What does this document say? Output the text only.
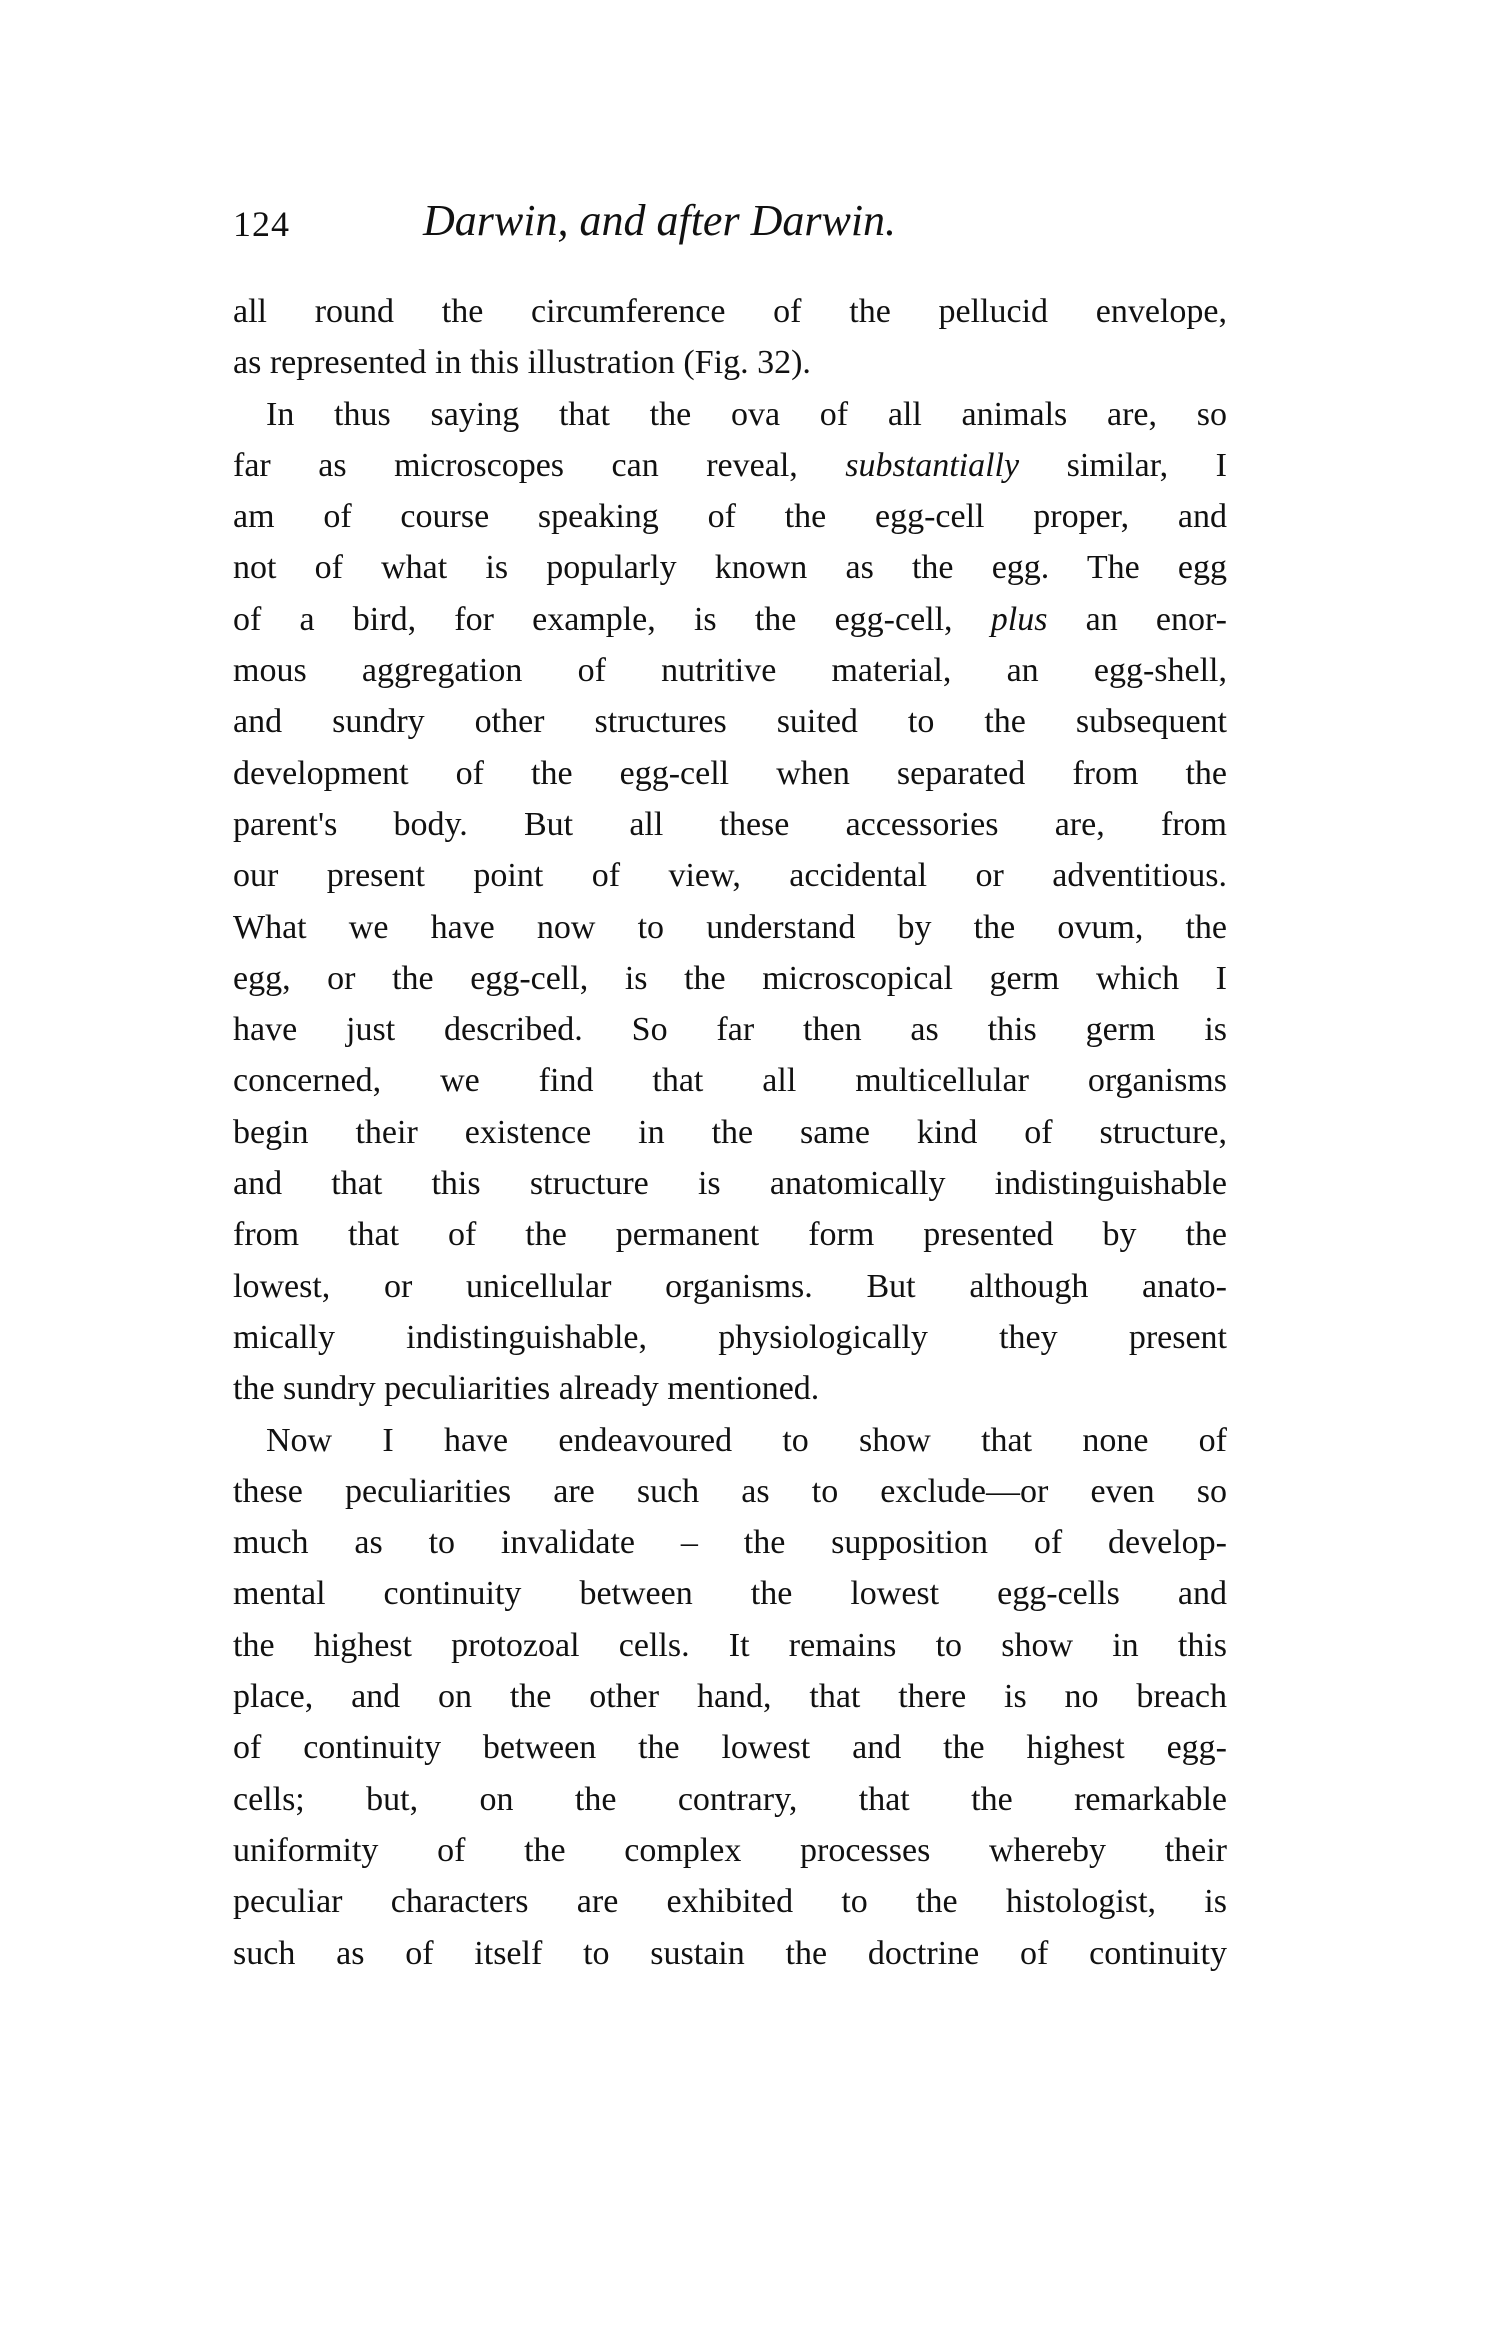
124	Darwin, and after Darwin.
all round the circumference of the pellucid envelope,
as represented in this illustration (Fig. 32).
In thus saying that the ova of all animals are, so
far as microscopes can reveal, substantially similar, I
am of course speaking of the egg-cell proper, and
not of what is popularly known as the egg. The egg
of a bird, for example, is the egg-cell, plus an enor-
mous aggregation of nutritive material, an egg-shell,
and sundry other structures suited to the subsequent
development of the egg-cell when separated from the
parent's body. But all these accessories are, from
our present point of view, accidental or adventitious.
What we have now to understand by the ovum, the
egg, or the egg-cell, is the microscopical germ which I
have just described. So far then as this germ is
concerned, we find that all multicellular organisms
begin their existence in the same kind of structure,
and that this structure is anatomically indistinguishable
from that of the permanent form presented by the
lowest, or unicellular organisms. But although anato-
mically indistinguishable, physiologically they present
the sundry peculiarities already mentioned.
Now I have endeavoured to show that none of
these peculiarities are such as to exclude—or even so
much as to invalidate – the supposition of develop-
mental continuity between the lowest egg-cells and
the highest protozoal cells. It remains to show in this
place, and on the other hand, that there is no breach
of continuity between the lowest and the highest egg-
cells; but, on the contrary, that the remarkable
uniformity of the complex processes whereby their
peculiar characters are exhibited to the histologist, is
such as of itself to sustain the doctrine of continuity
